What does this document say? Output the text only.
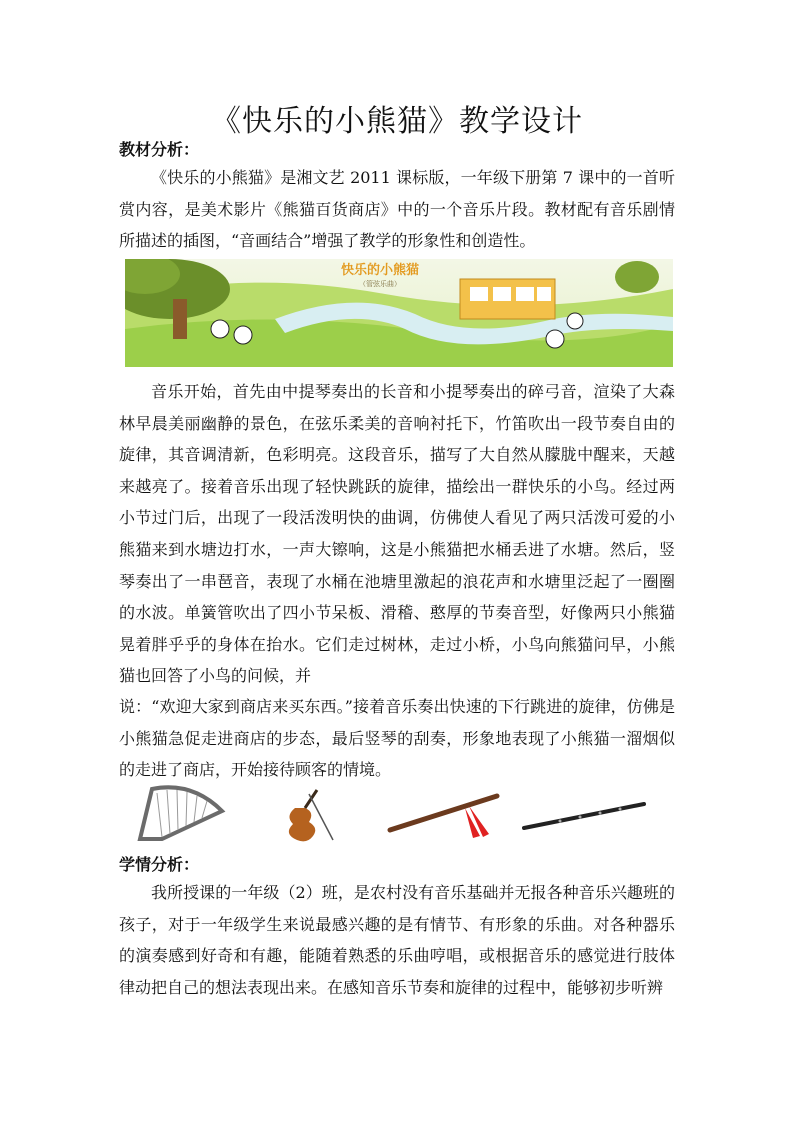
《快乐的小熊猫》教学设计
教材分析：

《快乐的小熊猫》是湘文艺 2011 课标版，一年级下册第 7 课中的一首听赏内容，是美术影片《熊猫百货商店》中的一个音乐片段。教材配有音乐剧情所描述的插图，“音画结合”增强了教学的形象性和创造性。

快乐的小熊猫
（管弦乐曲）

音乐开始，首先由中提琴奏出的长音和小提琴奏出的碎弓音，渲染了大森林早晨美丽幽静的景色，在弦乐柔美的音响衬托下，竹笛吹出一段节奏自由的旋律，其音调清新，色彩明亮。这段音乐，描写了大自然从朦胧中醒来，天越来越亮了。接着音乐出现了轻快跳跃的旋律，描绘出一群快乐的小鸟。经过两小节过门后，出现了一段活泼明快的曲调，仿佛使人看见了两只活泼可爱的小熊猫来到水塘边打水，一声大镲响，这是小熊猫把水桶丢进了水塘。然后，竖琴奏出了一串琶音，表现了水桶在池塘里激起的浪花声和水塘里泛起了一圈圈的水波。单簧管吹出了四小节呆板、滑稽、憨厚的节奏音型，好像两只小熊猫晃着胖乎乎的身体在抬水。它们走过树林，走过小桥，小鸟向熊猫问早，小熊猫也回答了小鸟的问候，并

说：“欢迎大家到商店来买东西。”接着音乐奏出快速的下行跳进的旋律，仿佛是小熊猫急促走进商店的步态，最后竖琴的刮奏，形象地表现了小熊猫一溜烟似的走进了商店，开始接待顾客的情境。

学情分析：

我所授课的一年级（2）班，是农村没有音乐基础并无报各种音乐兴趣班的孩子，对于一年级学生来说最感兴趣的是有情节、有形象的乐曲。对各种器乐的演奏感到好奇和有趣，能随着熟悉的乐曲哼唱，或根据音乐的感觉进行肢体律动把自己的想法表现出来。在感知音乐节奏和旋律的过程中，能够初步听辨
